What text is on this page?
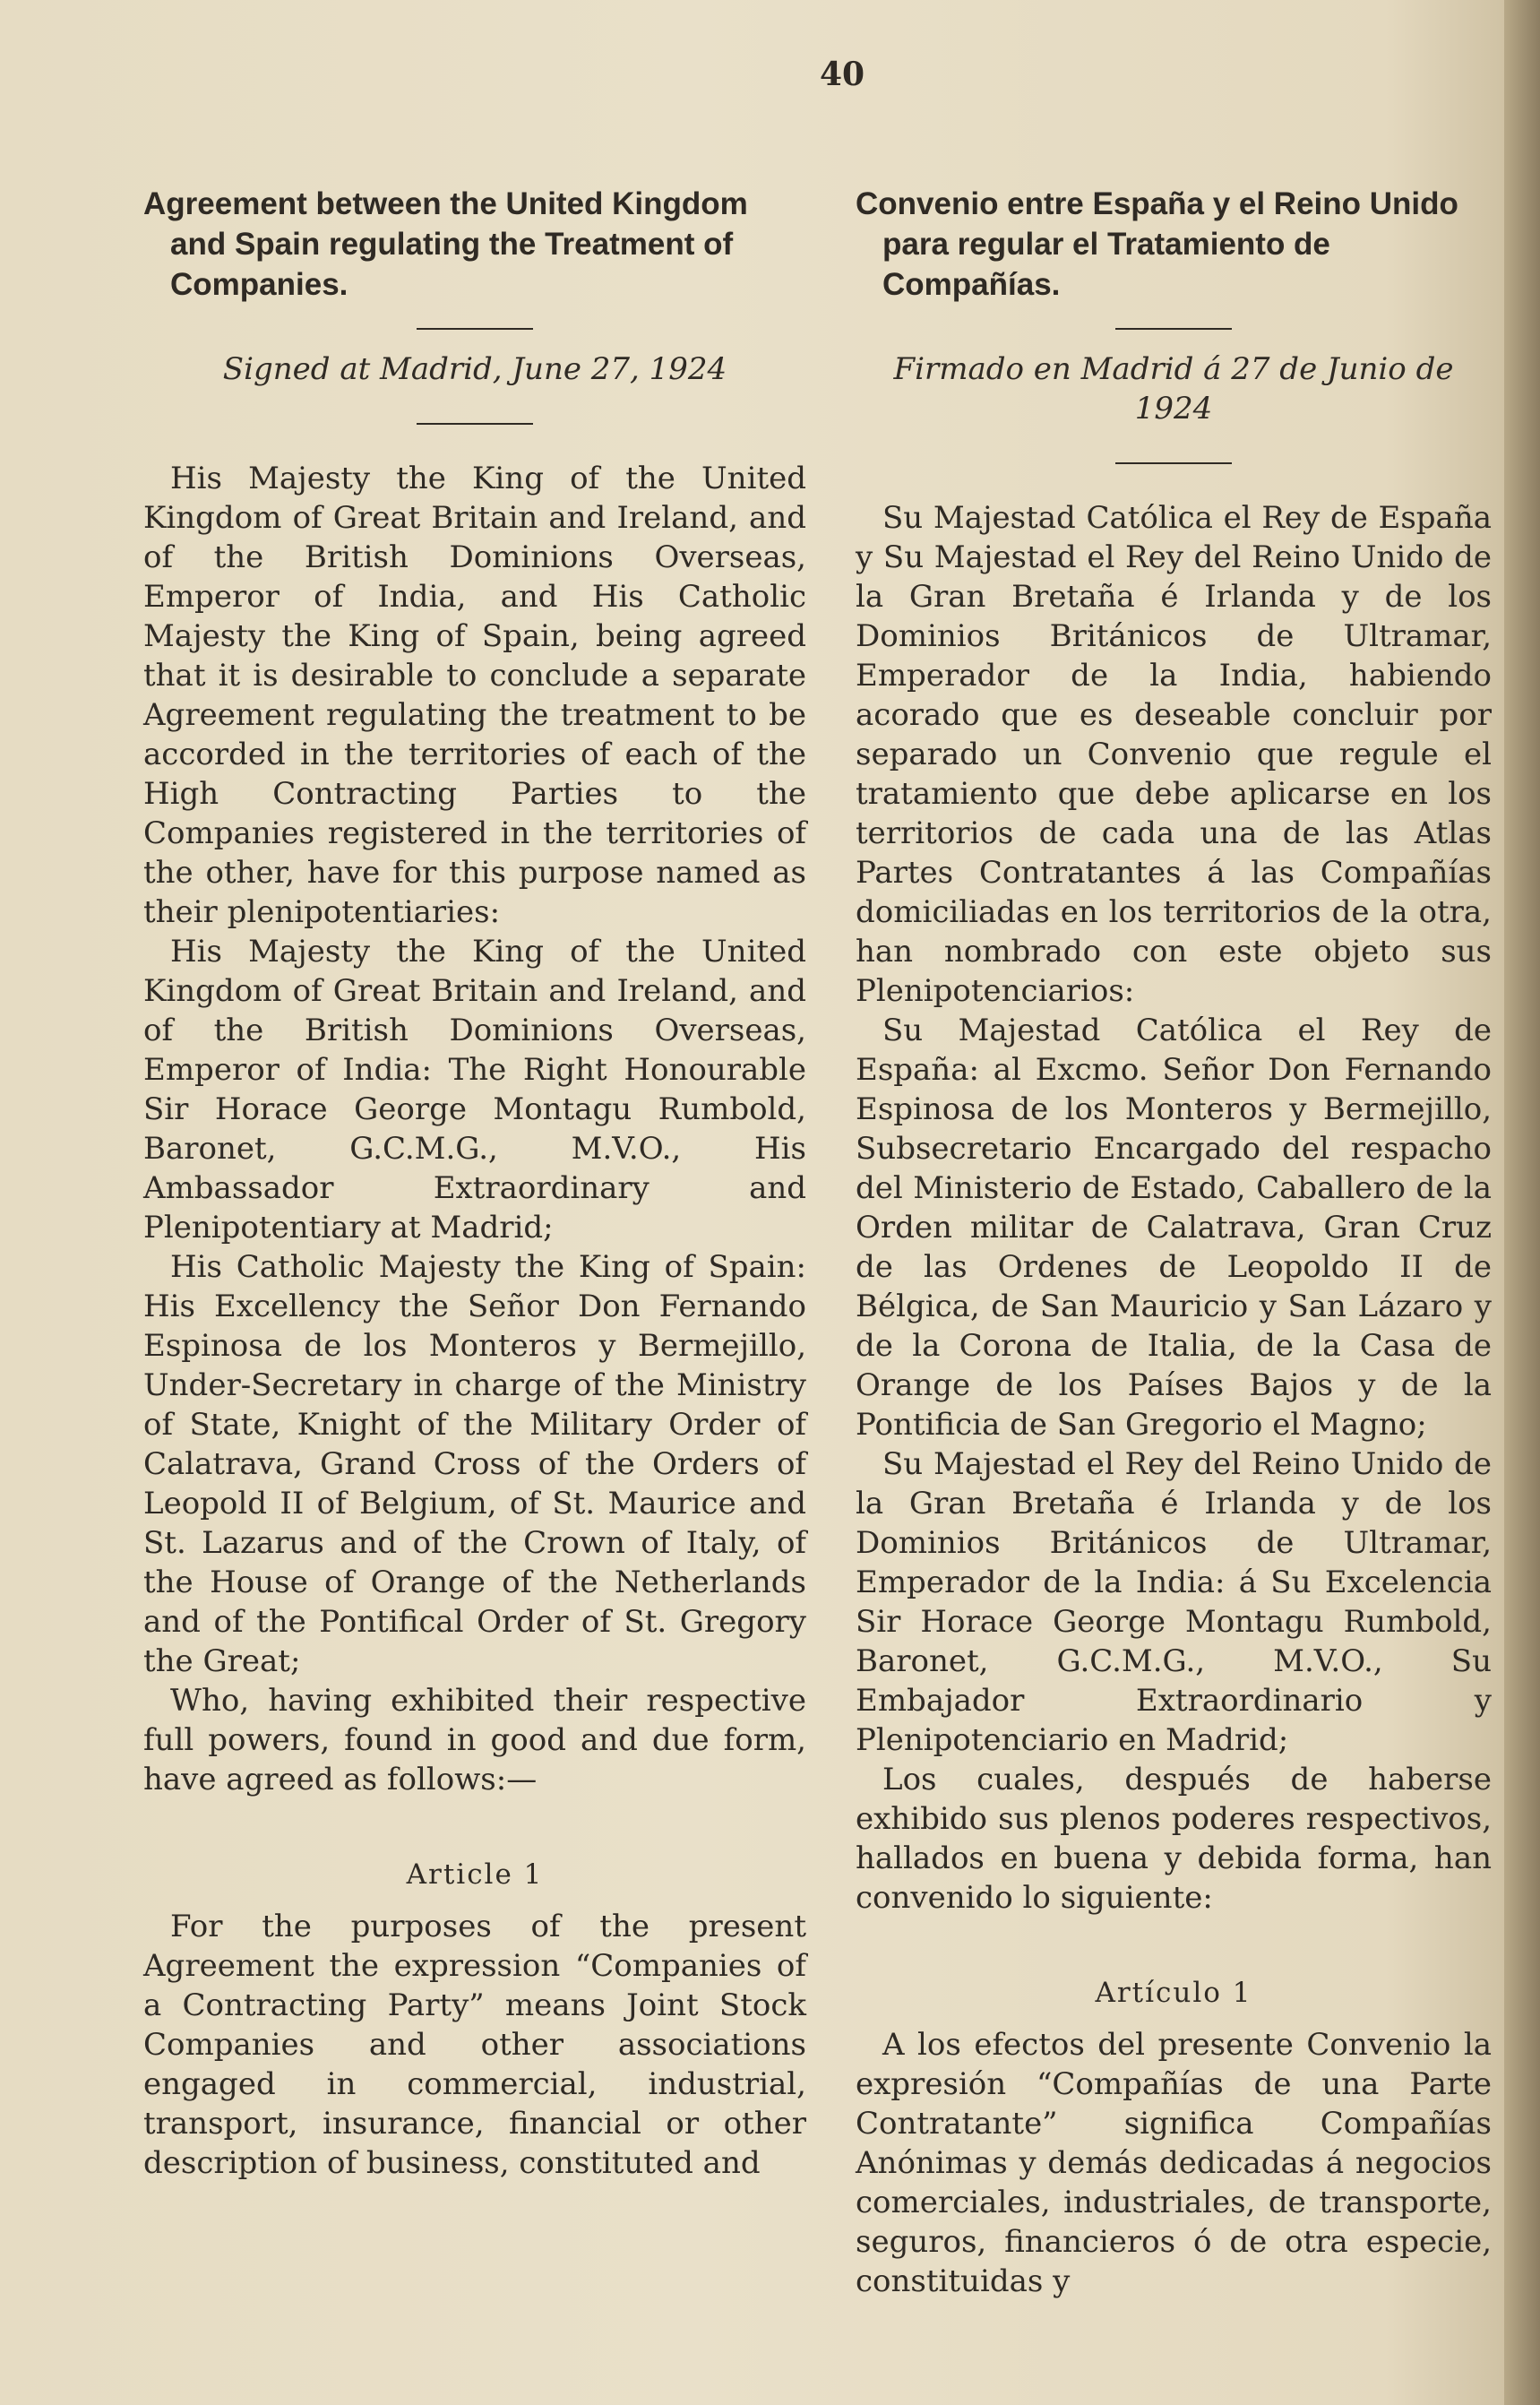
40
Agreement between the United Kingdom and Spain regulating the Treatment of Companies.
Signed at Madrid, June 27, 1924

His Majesty the King of the United Kingdom of Great Britain and Ireland, and of the British Dominions Overseas, Emperor of India, and His Catholic Majesty the King of Spain, being agreed that it is desirable to conclude a separate Agreement regulating the treatment to be accorded in the territories of each of the High Contracting Parties to the Companies registered in the territories of the other, have for this purpose named as their plenipotentiaries:

His Majesty the King of the United Kingdom of Great Britain and Ireland, and of the British Dominions Overseas, Emperor of India: The Right Honourable Sir Horace George Montagu Rumbold, Baronet, G.C.M.G., M.V.O., His Ambassador Extraordinary and Plenipotentiary at Madrid;

His Catholic Majesty the King of Spain: His Excellency the Señor Don Fernando Espinosa de los Monteros y Bermejillo, Under-Secretary in charge of the Ministry of State, Knight of the Military Order of Calatrava, Grand Cross of the Orders of Leopold II of Belgium, of St. Maurice and St. Lazarus and of the Crown of Italy, of the House of Orange of the Netherlands and of the Pontifical Order of St. Gregory the Great;

Who, having exhibited their respective full powers, found in good and due form, have agreed as follows:—

Article 1

For the purposes of the present Agreement the expression “Companies of a Contracting Party” means Joint Stock Companies and other associations engaged in commercial, industrial, transport, insurance, financial or other description of business, constituted and

Convenio entre España y el Reino Unido para regular el Tratamiento de Compañías.
Firmado en Madrid á 27 de Junio de 1924

Su Majestad Católica el Rey de España y Su Majestad el Rey del Reino Unido de la Gran Bretaña é Irlanda y de los Dominios Británicos de Ultramar, Emperador de la India, habiendo acorado que es deseable concluir por separado un Convenio que regule el tratamiento que debe aplicarse en los territorios de cada una de las Atlas Partes Contratantes á las Compañías domiciliadas en los territorios de la otra, han nombrado con este objeto sus Plenipotenciarios:

Su Majestad Católica el Rey de España: al Excmo. Señor Don Fernando Espinosa de los Monteros y Bermejillo, Subsecretario Encargado del respacho del Ministerio de Estado, Caballero de la Orden militar de Calatrava, Gran Cruz de las Ordenes de Leopoldo II de Bélgica, de San Mauricio y San Lázaro y de la Corona de Italia, de la Casa de Orange de los Países Bajos y de la Pontificia de San Gregorio el Magno;

Su Majestad el Rey del Reino Unido de la Gran Bretaña é Irlanda y de los Dominios Británicos de Ultramar, Emperador de la India: á Su Excelencia Sir Horace George Montagu Rumbold, Baronet, G.C.M.G., M.V.O., Su Embajador Extraordinario y Plenipotenciario en Madrid;

Los cuales, después de haberse exhibido sus plenos poderes respectivos, hallados en buena y debida forma, han convenido lo siguiente:

Artículo 1

A los efectos del presente Convenio la expresión “Compañías de una Parte Contratante” significa Compañías Anónimas y demás dedicadas á negocios comerciales, industriales, de transporte, seguros, financieros ó de otra especie, constituidas y
